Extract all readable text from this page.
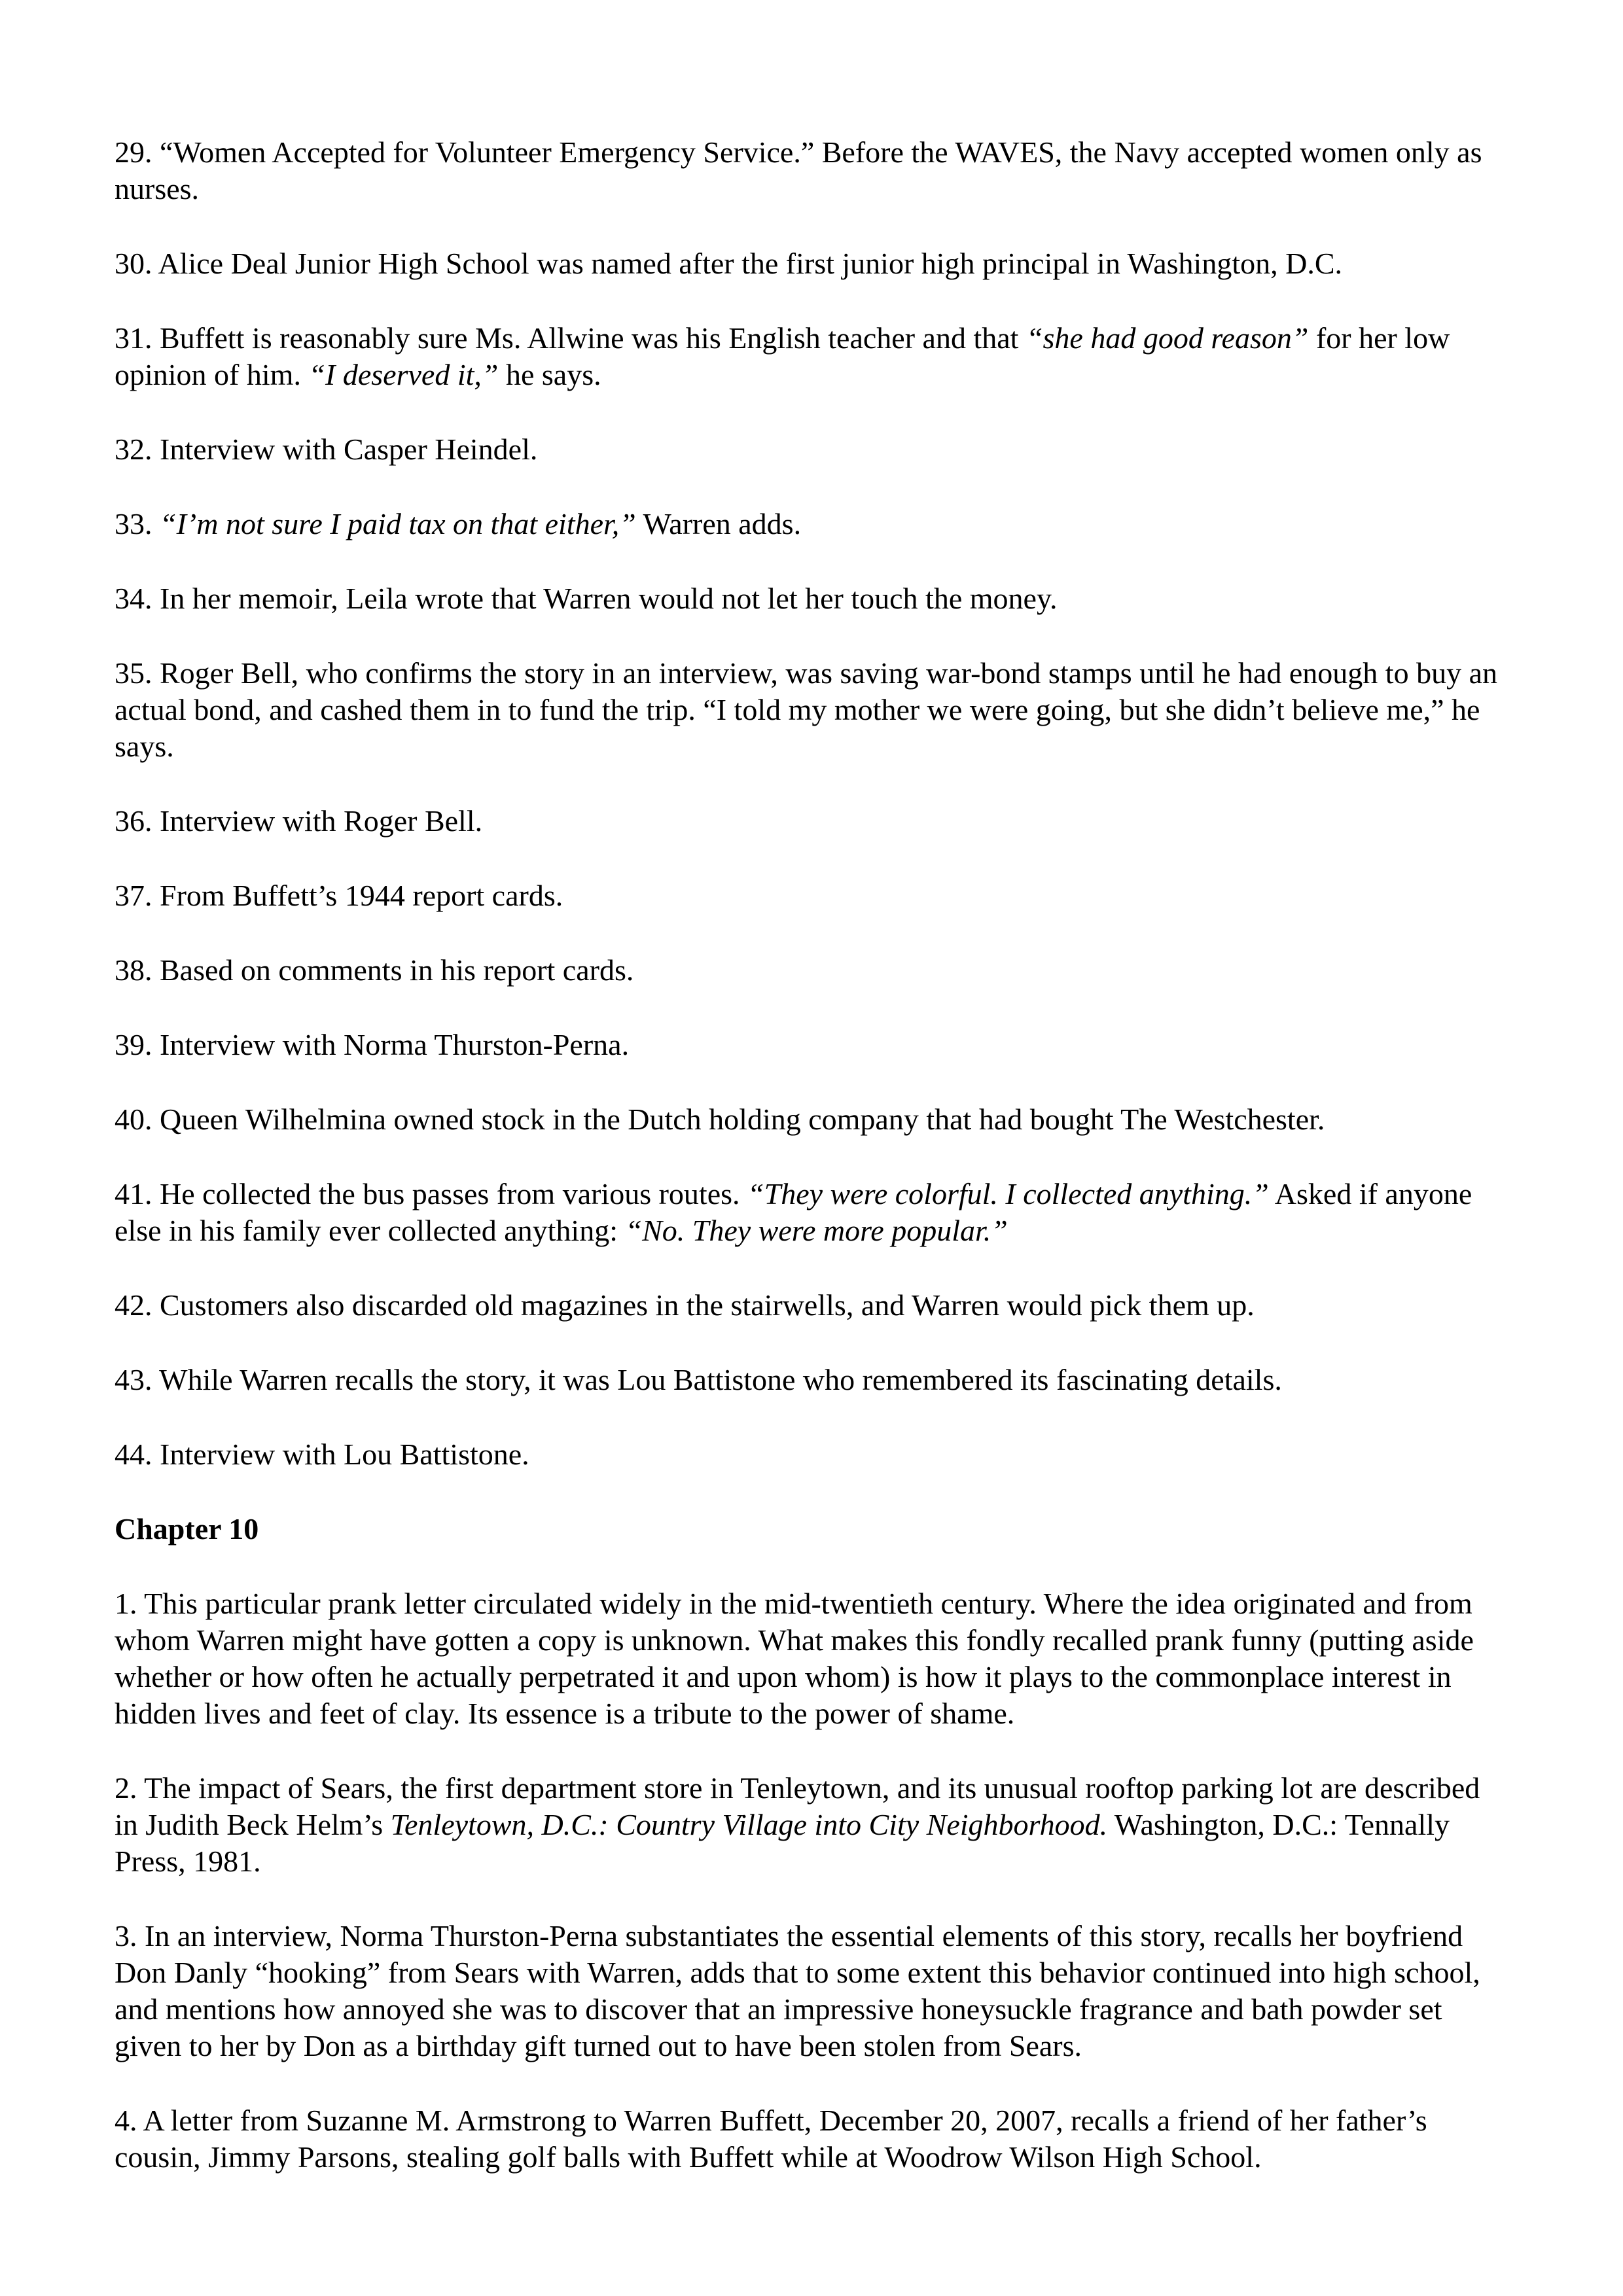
29. “Women Accepted for Volunteer Emergency Service.” Before the WAVES, the Navy accepted women only as nurses.

30. Alice Deal Junior High School was named after the first junior high principal in Washington, D.C.

31. Buffett is reasonably sure Ms. Allwine was his English teacher and that “she had good reason” for her low opinion of him. “I deserved it,” he says.

32. Interview with Casper Heindel.

33. “I’m not sure I paid tax on that either,” Warren adds.

34. In her memoir, Leila wrote that Warren would not let her touch the money.

35. Roger Bell, who confirms the story in an interview, was saving war-bond stamps until he had enough to buy an actual bond, and cashed them in to fund the trip. “I told my mother we were going, but she didn’t believe me,” he says.

36. Interview with Roger Bell.

37. From Buffett’s 1944 report cards.

38. Based on comments in his report cards.

39. Interview with Norma Thurston-Perna.

40. Queen Wilhelmina owned stock in the Dutch holding company that had bought The Westchester.

41. He collected the bus passes from various routes. “They were colorful. I collected anything.” Asked if anyone else in his family ever collected anything: “No. They were more popular.”

42. Customers also discarded old magazines in the stairwells, and Warren would pick them up.

43. While Warren recalls the story, it was Lou Battistone who remembered its fascinating details.

44. Interview with Lou Battistone.

Chapter 10

1. This particular prank letter circulated widely in the mid-twentieth century. Where the idea originated and from whom Warren might have gotten a copy is unknown. What makes this fondly recalled prank funny (putting aside whether or how often he actually perpetrated it and upon whom) is how it plays to the commonplace interest in hidden lives and feet of clay. Its essence is a tribute to the power of shame.

2. The impact of Sears, the first department store in Tenleytown, and its unusual rooftop parking lot are described in Judith Beck Helm’s Tenleytown, D.C.: Country Village into City Neighborhood. Washington, D.C.: Tennally Press, 1981.

3. In an interview, Norma Thurston-Perna substantiates the essential elements of this story, recalls her boyfriend Don Danly “hooking” from Sears with Warren, adds that to some extent this behavior continued into high school, and mentions how annoyed she was to discover that an impressive honeysuckle fragrance and bath powder set given to her by Don as a birthday gift turned out to have been stolen from Sears.

4. A letter from Suzanne M. Armstrong to Warren Buffett, December 20, 2007, recalls a friend of her father’s cousin, Jimmy Parsons, stealing golf balls with Buffett while at Woodrow Wilson High School.
